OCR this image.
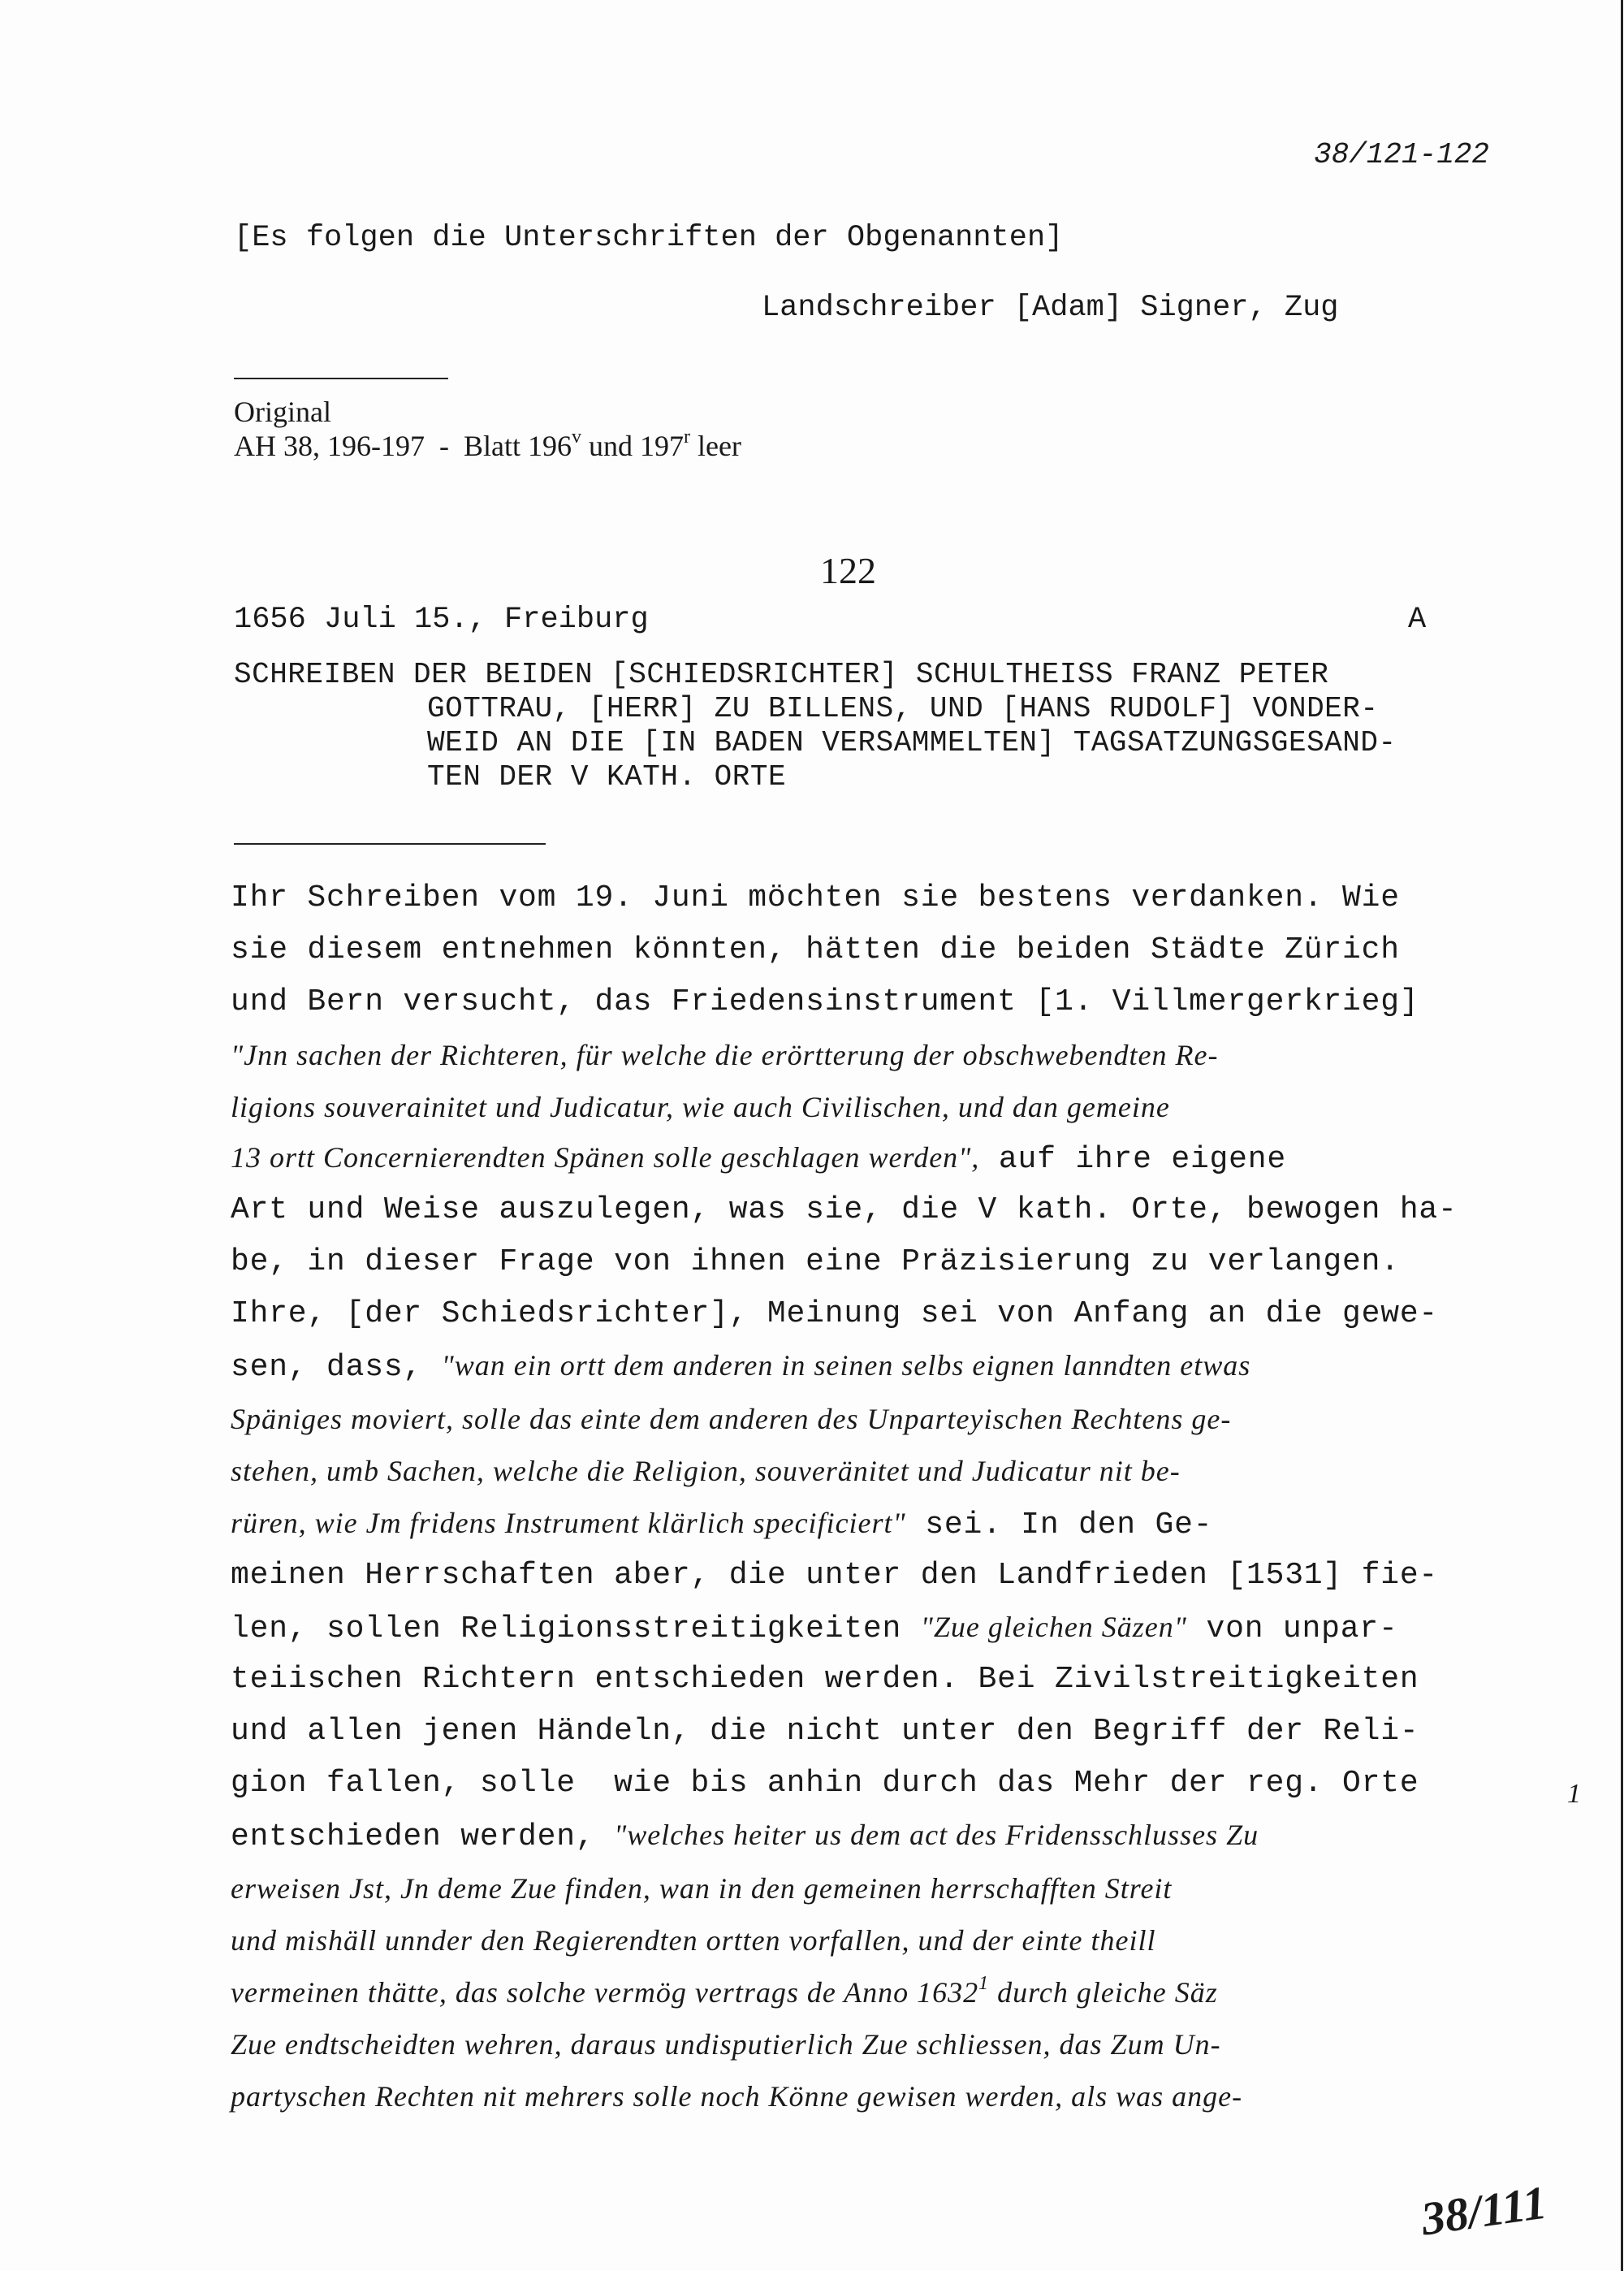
38/121-122
[Es folgen die Unterschriften der Obgenannten]
Landschreiber [Adam] Signer, Zug
Original
AH 38, 196-197  -  Blatt 196$^v$ und 197$^r$ leer
122
1656 Juli 15., Freiburg	A
SCHREIBEN DER BEIDEN [SCHIEDSRICHTER] SCHULTHEISS FRANZ PETER
GOTTRAU, [HERR] ZU BILLENS, UND [HANS RUDOLF] VONDER-
WEID AN DIE [IN BADEN VERSAMMELTEN] TAGSATZUNGSGESAND-
TEN DER V KATH. ORTE
Ihr Schreiben vom 19. Juni möchten sie bestens verdanken. Wie
sie diesem entnehmen könnten, hätten die beiden Städte Zürich
und Bern versucht, das Friedensinstrument [1. Villmergerkrieg]
"Jnn sachen der Richteren, für welche die erörtterung der obschwebendten Re-
ligions souverainitet und Judicatur, wie auch Civilischen, und dan gemeine
13 ortt Concernierendten Spänen solle geschlagen werden", auf ihre eigene
Art und Weise auszulegen, was sie, die V kath. Orte, bewogen ha-
be, in dieser Frage von ihnen eine Präzisierung zu verlangen.
Ihre, [der Schiedsrichter], Meinung sei von Anfang an die gewe-
sen, dass, "wan ein ortt dem anderen in seinen selbs eignen lanndten etwas
Späniges moviert, solle das einte dem anderen des Unparteyischen Rechtens ge-
stehen, umb Sachen, welche die Religion, souveränitet und Judicatur nit be-
rüren, wie Jm fridens Instrument klärlich specificiert" sei. In den Ge-
meinen Herrschaften aber, die unter den Landfrieden [1531] fie-
len, sollen Religionsstreitigkeiten "Zue gleichen Säzen" von unpar-
teiischen Richtern entschieden werden. Bei Zivilstreitigkeiten
und allen jenen Händeln, die nicht unter den Begriff der Reli-
gion fallen, solle  wie bis anhin durch das Mehr der reg. Orte
entschieden werden, "welches heiter us dem act des Fridensschlusses Zu
erweisen Jst, Jn deme Zue finden, wan in den gemeinen herrschafften Streit
und mishäll unnder den Regierendten ortten vorfallen, und der einte theill
vermeinen thätte, das solche vermög vertrags de Anno 1632$^1$ durch gleiche Säz
Zue endtscheidten wehren, daraus undisputierlich Zue schliessen, das Zum Un-
partyschen Rechten nit mehrers solle noch Könne gewisen werden, als was ange-
1
38/111
